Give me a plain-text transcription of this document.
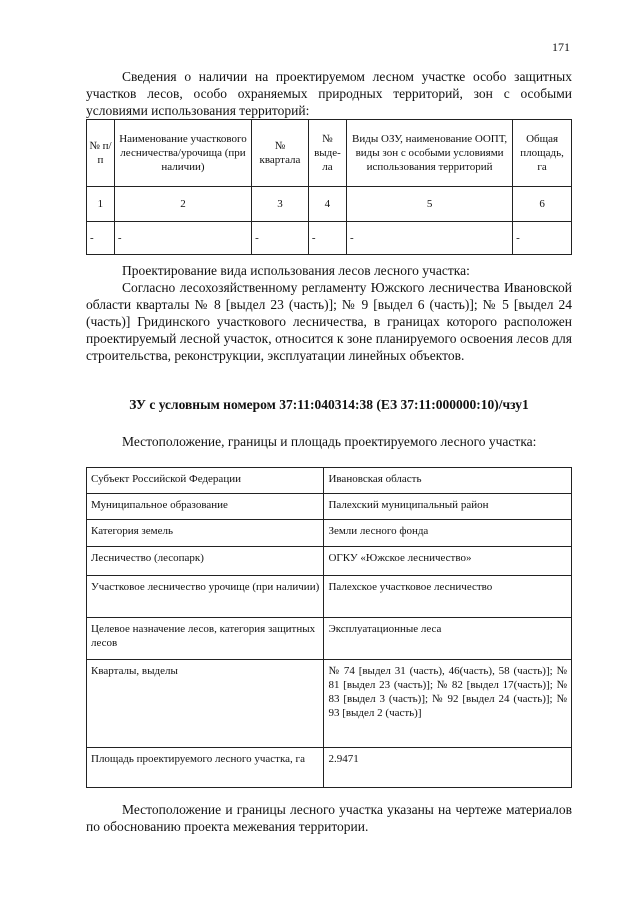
171
Сведения о наличии на проектируемом лесном участке особо защитных участков лесов, особо охраняемых природных территорий, зон с особыми условиями использования территорий:
№ п/п	Наименование участкового лесничества/урочища (при наличии)	№ квартала	№ выде-ла	Виды ОЗУ, наименование ООПТ, виды зон с особыми условиями использования территорий	Общая площадь, га
1	2	3	4	5	6
-	-	-	-	-	-
Проектирование вида использования лесов лесного участка:
Согласно лесохозяйственному регламенту Южского лесничества Ивановской области кварталы № 8 [выдел 23 (часть)]; № 9 [выдел 6 (часть)]; № 5 [выдел 24 (часть)] Гридинского участкового лесничества, в границах которого расположен проектируемый лесной участок, относится к зоне планируемого освоения лесов для строительства, реконструкции, эксплуатации линейных объектов.
ЗУ с условным номером 37:11:040314:38 (ЕЗ 37:11:000000:10)/чзу1
Местоположение, границы и площадь проектируемого лесного участка:
Субъект Российской Федерации	Ивановская область
Муниципальное образование	Палехский муниципальный район
Категория земель	Земли лесного фонда
Лесничество (лесопарк)	ОГКУ «Южское лесничество»
Участковое лесничество урочище (при наличии)	Палехское участковое лесничество
Целевое назначение лесов, категория защитных лесов	Эксплуатационные леса
Кварталы, выделы	№ 74 [выдел 31 (часть), 46(часть), 58 (часть)]; № 81 [выдел 23 (часть)]; № 82 [выдел 17(часть)]; № 83 [выдел 3 (часть)]; № 92 [выдел 24 (часть)]; № 93 [выдел 2 (часть)]
Площадь проектируемого лесного участка, га	2.9471
Местоположение и границы лесного участка указаны на чертеже материалов по обоснованию проекта межевания территории.
